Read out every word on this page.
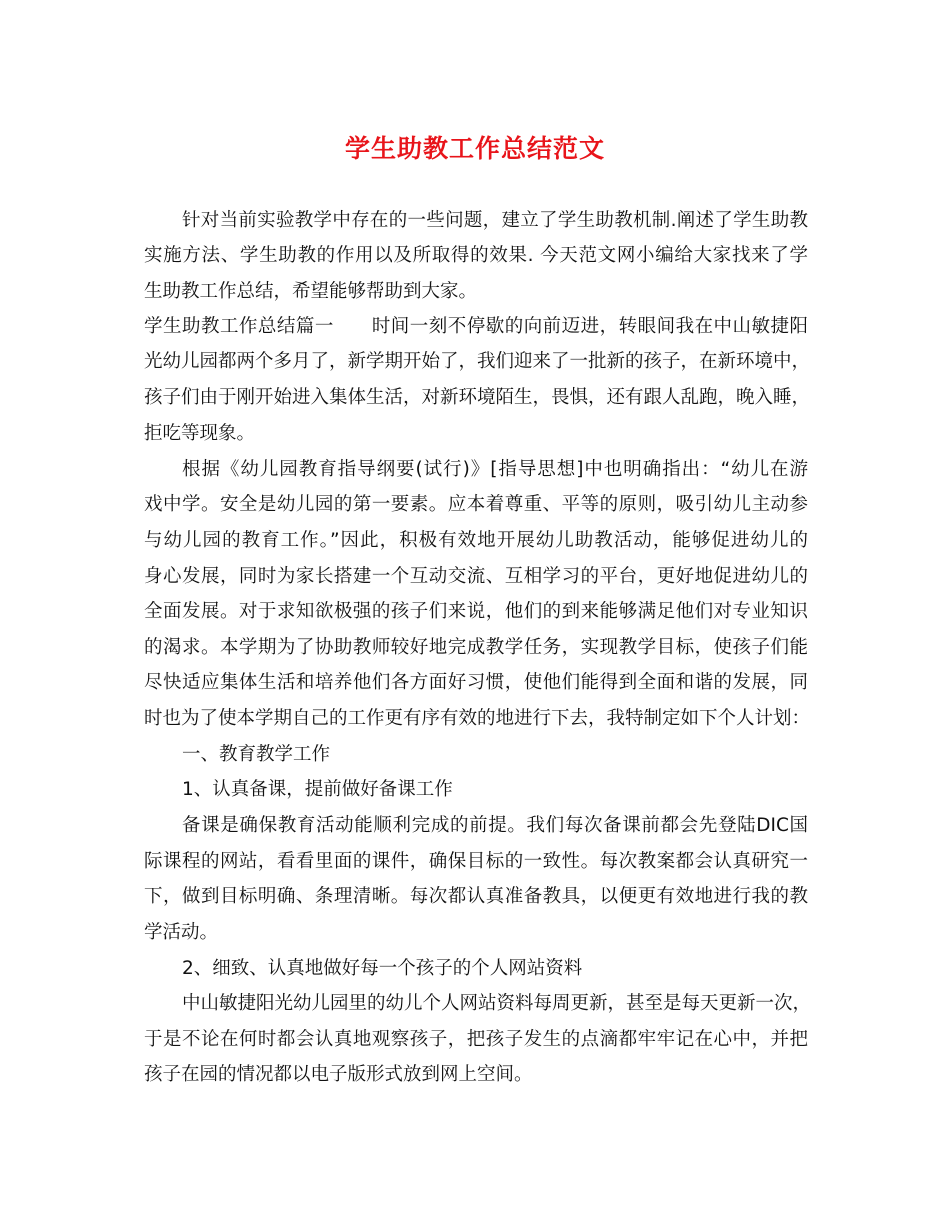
学生助教工作总结范文
针对当前实验教学中存在的一些问题，建立了学生助教机制.阐述了学生助教
实施方法、学生助教的作用以及所取得的效果. 今天范文网小编给大家找来了学
生助教工作总结，希望能够帮助到大家。
学生助教工作总结篇一　　时间一刻不停歇的向前迈进，转眼间我在中山敏捷阳
光幼儿园都两个多月了，新学期开始了，我们迎来了一批新的孩子，在新环境中，
孩子们由于刚开始进入集体生活，对新环境陌生，畏惧，还有跟人乱跑，晚入睡，
拒吃等现象。
根据《幼儿园教育指导纲要(试行)》[指导思想]中也明确指出：“幼儿在游
戏中学。安全是幼儿园的第一要素。应本着尊重、平等的原则，吸引幼儿主动参
与幼儿园的教育工作。”因此，积极有效地开展幼儿助教活动，能够促进幼儿的
身心发展，同时为家长搭建一个互动交流、互相学习的平台，更好地促进幼儿的
全面发展。对于求知欲极强的孩子们来说，他们的到来能够满足他们对专业知识
的渴求。本学期为了协助教师较好地完成教学任务，实现教学目标，使孩子们能
尽快适应集体生活和培养他们各方面好习惯，使他们能得到全面和谐的发展，同
时也为了使本学期自己的工作更有序有效的地进行下去，我特制定如下个人计划：
一、教育教学工作
1、认真备课，提前做好备课工作
备课是确保教育活动能顺利完成的前提。我们每次备课前都会先登陆DIC国
际课程的网站，看看里面的课件，确保目标的一致性。每次教案都会认真研究一
下，做到目标明确、条理清晰。每次都认真准备教具，以便更有效地进行我的教
学活动。
2、细致、认真地做好每一个孩子的个人网站资料
中山敏捷阳光幼儿园里的幼儿个人网站资料每周更新，甚至是每天更新一次，
于是不论在何时都会认真地观察孩子，把孩子发生的点滴都牢牢记在心中，并把
孩子在园的情况都以电子版形式放到网上空间。
